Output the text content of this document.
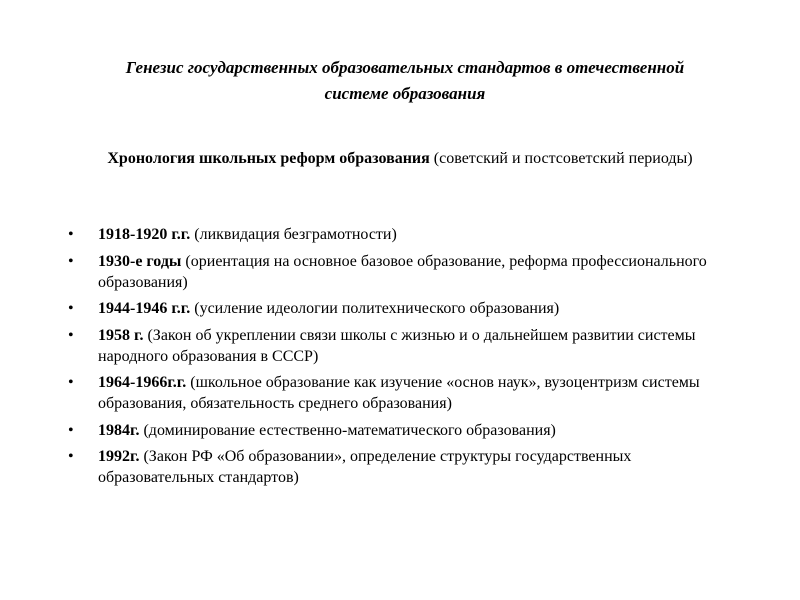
Генезис государственных образовательных стандартов в отечественной системе образования
Хронология школьных реформ образования (советский и постсоветский периоды)
•	1918-1920 г.г. (ликвидация безграмотности)
•	1930-е годы (ориентация на основное базовое образование, реформа профессионального образования)
•	1944-1946 г.г. (усиление идеологии политехнического образования)
•	1958 г. (Закон об укреплении связи школы с жизнью и о дальнейшем развитии системы народного образования в СССР)
•	1964-1966г.г. (школьное образование как изучение «основ наук», вузоцентризм системы образования, обязательность среднего образования)
•	1984г. (доминирование естественно-математического образования)
•	1992г. (Закон РФ «Об образовании», определение структуры государственных образовательных стандартов)
